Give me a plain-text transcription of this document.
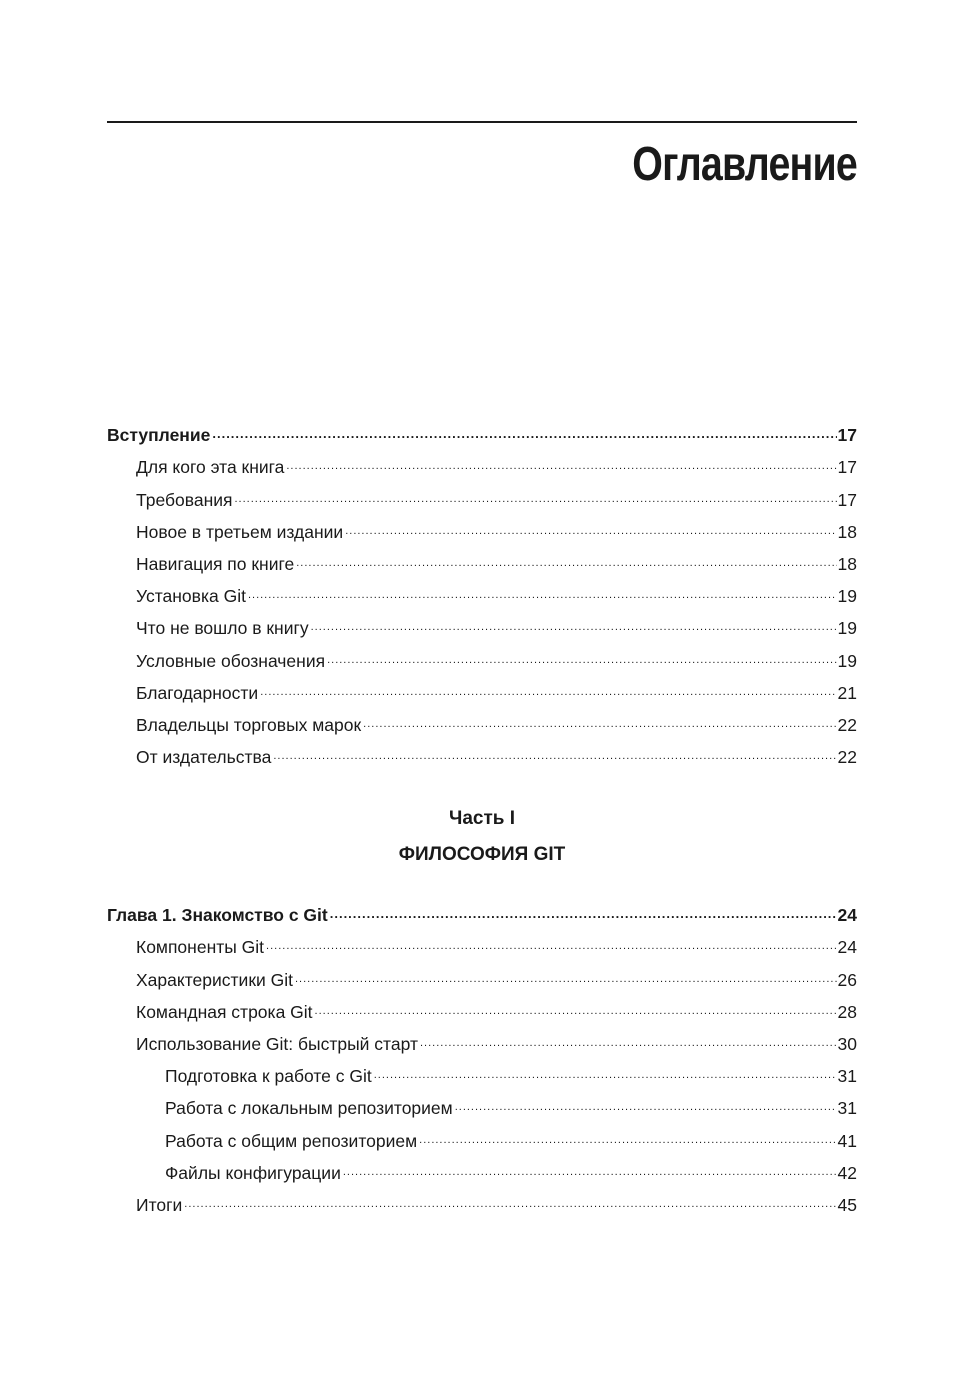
Оглавление
Вступление .....	17
Для кого эта книга .....	17
Требования .....	17
Новое в третьем издании .....	18
Навигация по книге .....	18
Установка Git .....	19
Что не вошло в книгу .....	19
Условные обозначения .....	19
Благодарности .....	21
Владельцы торговых марок .....	22
От издательства .....	22
Часть I
ФИЛОСОФИЯ GIT
Глава 1. Знакомство с Git .....	24
Компоненты Git .....	24
Характеристики Git .....	26
Командная строка Git .....	28
Использование Git: быстрый старт .....	30
Подготовка к работе с Git .....	31
Работа с локальным репозиторием .....	31
Работа с общим репозиторием .....	41
Файлы конфигурации .....	42
Итоги .....	45
